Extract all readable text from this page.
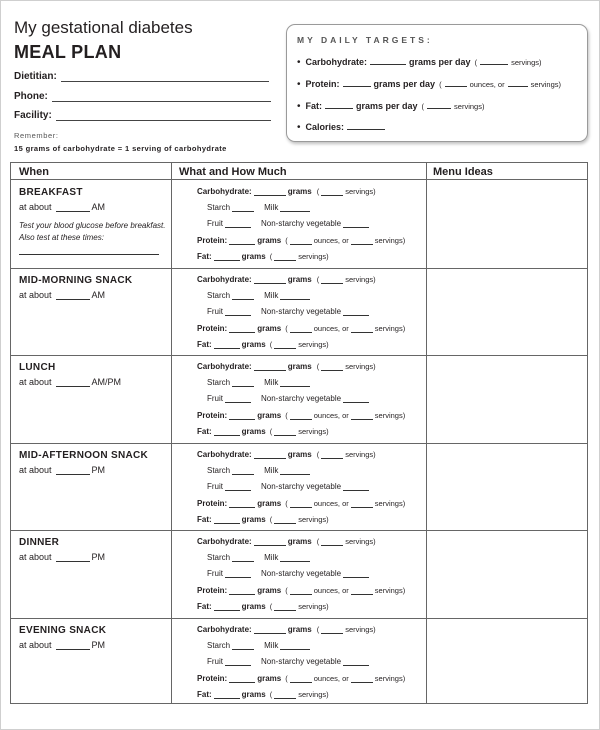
My gestational diabetes
MEAL PLAN
Dietitian:
Phone:
Facility:
Remember:
15 grams of carbohydrate = 1 serving of carbohydrate
MY DAILY TARGETS:
• Carbohydrate:	grams per day (	servings)
• Protein:	grams per day (	ounces, or	servings)
• Fat:	grams per day (	servings)
• Calories:
When	What and How Much	Menu Ideas
BREAKFAST
at about	AM
Test your blood glucose before breakfast. Also test at these times:
Carbohydrate:	grams (	servings)
Starch	Milk
Fruit	Non-starchy vegetable
Protein:	grams (	ounces, or	servings)
Fat:	grams (	servings)
MID-MORNING SNACK
at about	AM
Carbohydrate:	grams (	servings)
Starch	Milk
Fruit	Non-starchy vegetable
Protein:	grams (	ounces, or	servings)
Fat:	grams (	servings)
LUNCH
at about	AM/PM
Carbohydrate:	grams (	servings)
Starch	Milk
Fruit	Non-starchy vegetable
Protein:	grams (	ounces, or	servings)
Fat:	grams (	servings)
MID-AFTERNOON SNACK
at about	PM
Carbohydrate:	grams (	servings)
Starch	Milk
Fruit	Non-starchy vegetable
Protein:	grams (	ounces, or	servings)
Fat:	grams (	servings)
DINNER
at about	PM
Carbohydrate:	grams (	servings)
Starch	Milk
Fruit	Non-starchy vegetable
Protein:	grams (	ounces, or	servings)
Fat:	grams (	servings)
EVENING SNACK
at about	PM
Carbohydrate:	grams (	servings)
Starch	Milk
Fruit	Non-starchy vegetable
Protein:	grams (	ounces, or	servings)
Fat:	grams (	servings)
